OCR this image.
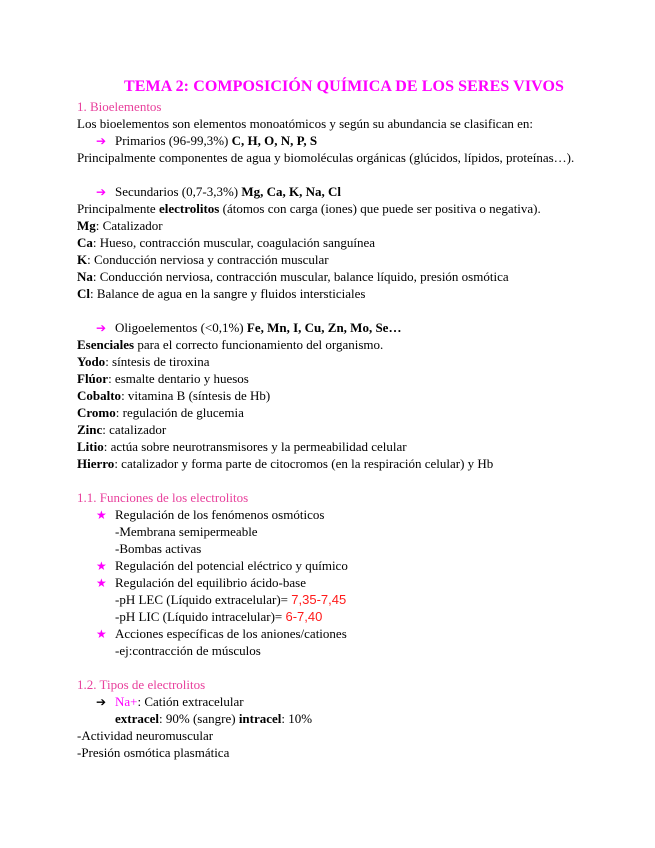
TEMA 2: COMPOSICIÓN QUÍMICA DE LOS SERES VIVOS
1. Bioelementos
Los bioelementos son elementos monoatómicos y según su abundancia se clasifican en:
➔ Primarios (96-99,3%) C, H, O, N, P, S
Principalmente componentes de agua y biomoléculas orgánicas (glúcidos, lípidos, proteínas…).
➔ Secundarios (0,7-3,3%) Mg, Ca, K, Na, Cl
Principalmente electrolitos (átomos con carga (iones) que puede ser positiva o negativa).
Mg: Catalizador
Ca: Hueso, contracción muscular, coagulación sanguínea
K: Conducción nerviosa y contracción muscular
Na: Conducción nerviosa, contracción muscular, balance líquido, presión osmótica
Cl: Balance de agua en la sangre y fluidos intersticiales
➔ Oligoelementos (<0,1%) Fe, Mn, I, Cu, Zn, Mo, Se…
Esenciales para el correcto funcionamiento del organismo.
Yodo: síntesis de tiroxina
Flúor: esmalte dentario y huesos
Cobalto: vitamina B (síntesis de Hb)
Cromo: regulación de glucemia
Zinc: catalizador
Litio: actúa sobre neurotransmisores y la permeabilidad celular
Hierro: catalizador y forma parte de citocromos (en la respiración celular) y Hb
1.1. Funciones de los electrolitos
★ Regulación de los fenómenos osmóticos
-Membrana semipermeable
-Bombas activas
★ Regulación del potencial eléctrico y químico
★ Regulación del equilibrio ácido-base
-pH LEC (Líquido extracelular)= 7,35-7,45
-pH LIC (Líquido intracelular)= 6-7,40
★ Acciones específicas de los aniones/cationes
-ej:contracción de músculos
1.2. Tipos de electrolitos
➔ Na+: Catión extracelular
extracel: 90% (sangre) intracel: 10%
-Actividad neuromuscular
-Presión osmótica plasmática
